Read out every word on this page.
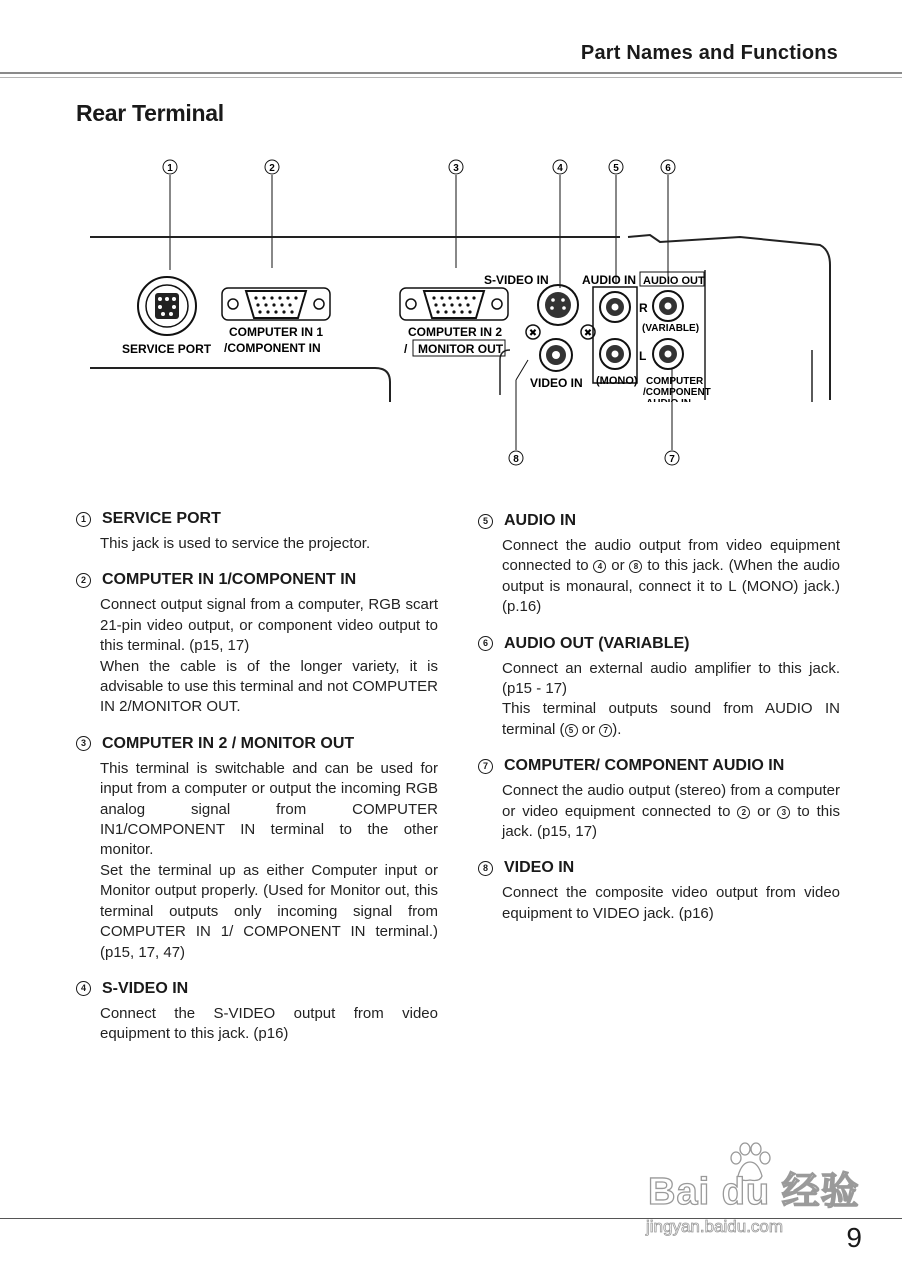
Part Names and Functions
Rear Terminal
1	2	3	4	5	6
8	7
SERVICE PORT
COMPUTER IN 1
/COMPONENT IN
COMPUTER IN 2
/ MONITOR OUT
S-VIDEO IN
✖	✖
VIDEO IN
AUDIO IN
R
L
(MONO)
AUDIO OUT
(VARIABLE)
COMPUTER
/COMPONENT
AUDIO IN
1	SERVICE PORT

This jack is used to service the projector.

2	COMPUTER IN 1/COMPONENT IN

Connect output signal from a computer, RGB scart 21-pin video output, or component video output to this terminal. (p15, 17)

When the cable is of the longer variety, it is advisable to use this terminal and not COMPUTER IN 2/MONITOR OUT.

3	COMPUTER IN 2 / MONITOR OUT

This terminal is switchable and can be used for input from a computer or output the incoming RGB analog signal from COMPUTER IN1/COMPONENT IN terminal to the other monitor.

Set the terminal up as either Computer input or Monitor output properly. (Used for Monitor out, this terminal outputs only incoming signal from COMPUTER IN 1/ COMPONENT IN terminal.) (p15, 17, 47)

4	S-VIDEO IN

Connect the S-VIDEO output from video equipment to this jack. (p16)

5	AUDIO IN

Connect the audio output from video equipment connected to 4 or 8 to this jack. (When the audio output is monaural, connect it to L (MONO) jack.) (p.16)

6	AUDIO OUT (VARIABLE)

Connect an external audio amplifier to this jack. (p15 - 17)

This terminal outputs sound from AUDIO IN terminal ( 5 or 7 ).

7	COMPUTER/ COMPONENT AUDIO IN

Connect the audio output (stereo) from a computer or video equipment connected to 2 or 3 to this jack. (p15, 17)

8	VIDEO IN

Connect the composite video output from video equipment to VIDEO jack. (p16)

Bai du 经验
jingyan.baidu.com 9
